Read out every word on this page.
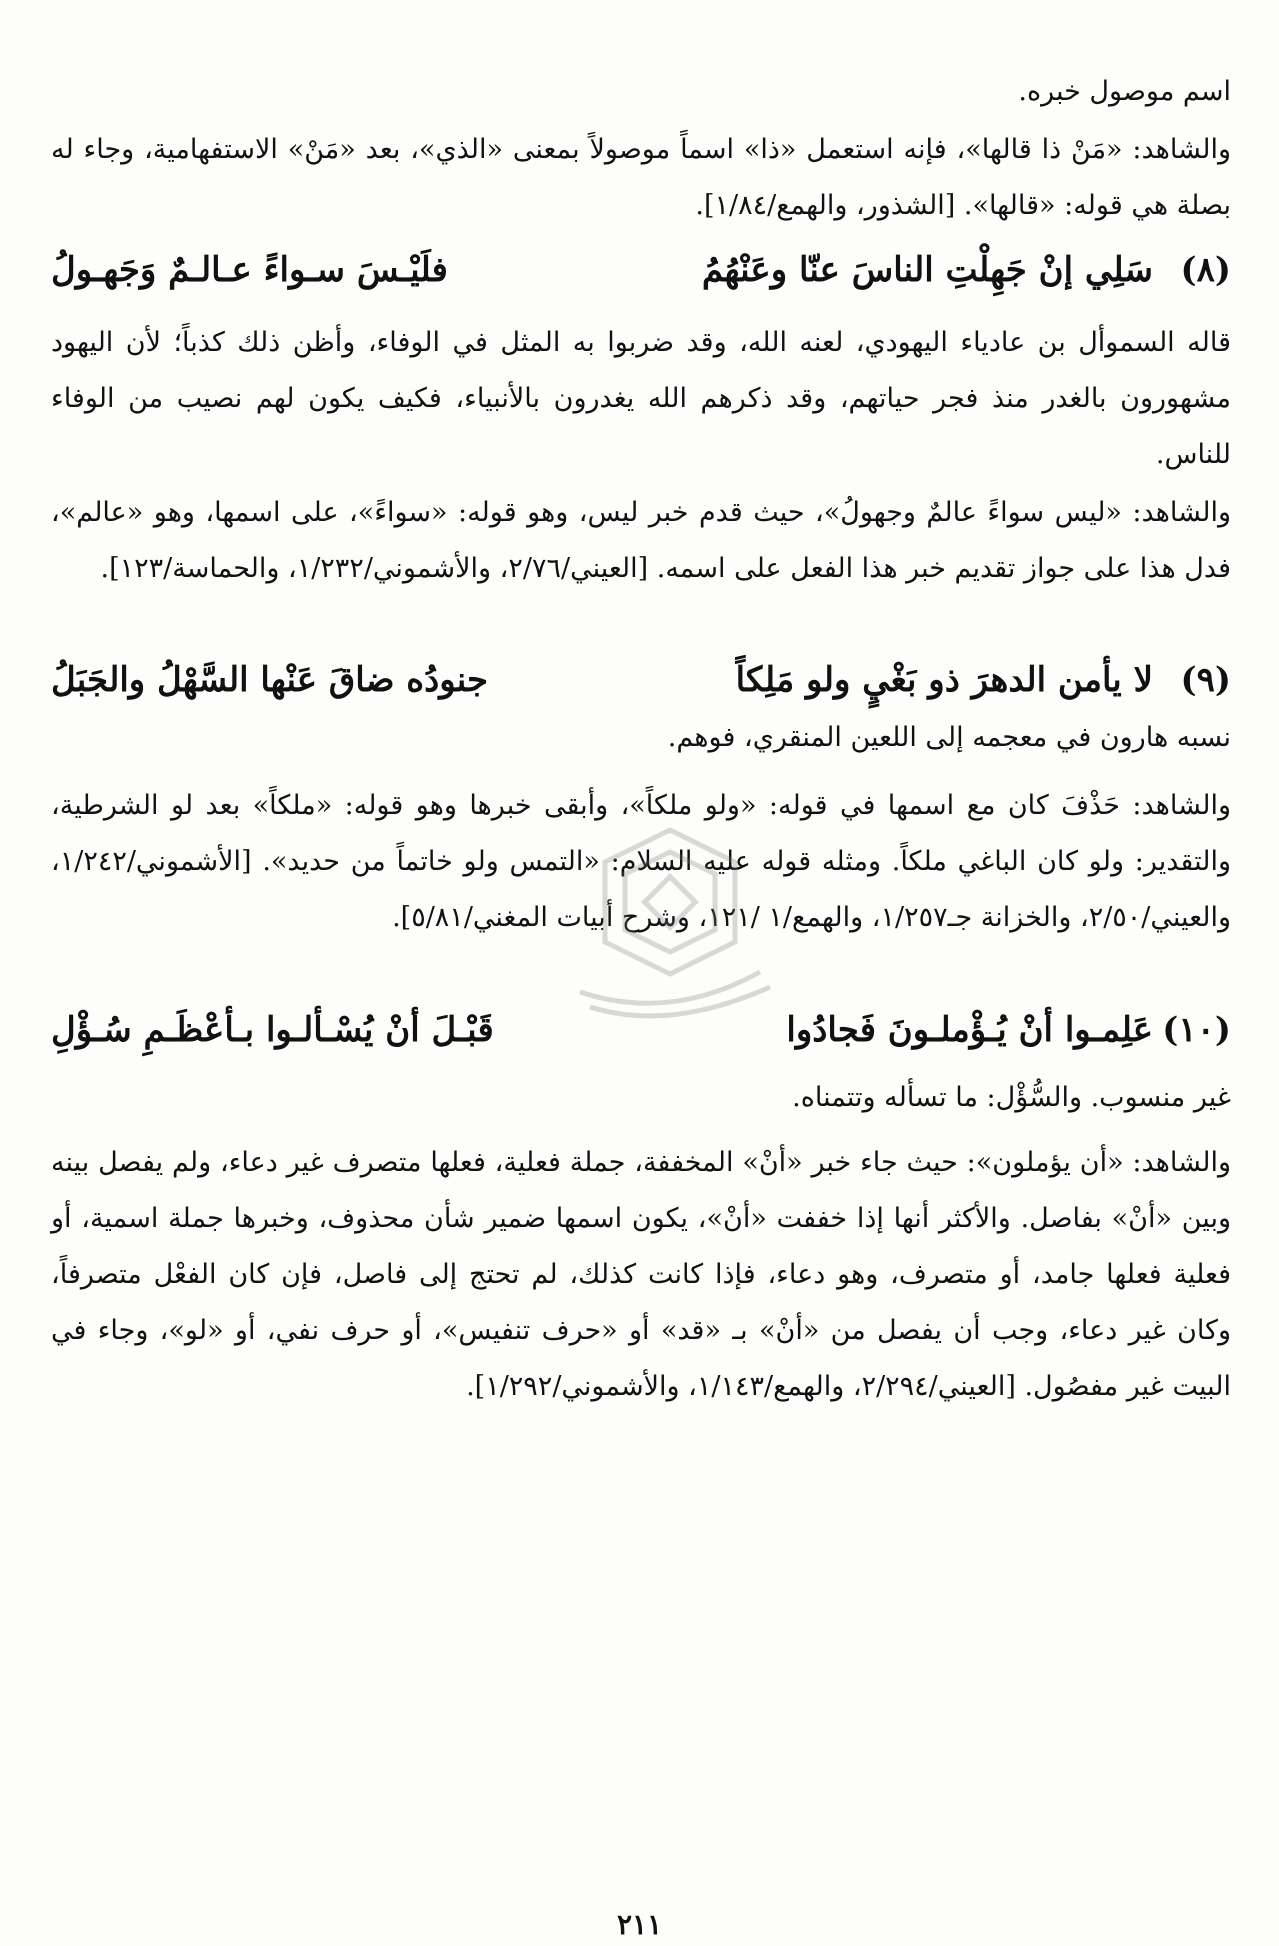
اسم موصول خبره.
والشاهد: «مَنْ ذا قالها»، فإنه استعمل «ذا» اسماً موصولاً بمعنى «الذي»، بعد «مَنْ» الاستفهامية، وجاء له بصلة هي قوله: «قالها». [الشذور، والهمع/١/٨٤].
(٨)
سَلِي إنْ جَهِلْتِ الناسَ عنّا وعَنْهُمُ
فلَيْـسَ سـواءً عـالـمٌ وَجَهـولُ
قاله السموأل بن عادياء اليهودي، لعنه الله، وقد ضربوا به المثل في الوفاء، وأظن ذلك كذباً؛ لأن اليهود مشهورون بالغدر منذ فجر حياتهم، وقد ذكرهم الله يغدرون بالأنبياء، فكيف يكون لهم نصيب من الوفاء للناس.
والشاهد: «ليس سواءً عالمٌ وجهولُ»، حيث قدم خبر ليس، وهو قوله: «سواءً»، على اسمها، وهو «عالم»، فدل هذا على جواز تقديم خبر هذا الفعل على اسمه. [العيني/٢/٧٦، والأشموني/١/٢٣٢، والحماسة/١٢٣].
(٩)
لا يأمن الدهرَ ذو بَغْيٍ ولو مَلِكاً
جنودُه ضاقَ عَنْها السَّهْلُ والجَبَلُ
نسبه هارون في معجمه إلى اللعين المنقري، فوهم.
والشاهد: حَذْفَ كان مع اسمها في قوله: «ولو ملكاً»، وأبقى خبرها وهو قوله: «ملكاً» بعد لو الشرطية، والتقدير: ولو كان الباغي ملكاً. ومثله قوله عليه السلام: «التمس ولو خاتماً من حديد». [الأشموني/١/٢٤٢، والعيني/٢/٥٠، والخزانة جـ١/٢٥٧، والهمع/١ /١٢١، وشرح أبيات المغني/٥/٨١].
(١٠)
عَلِمـوا أنْ يُـؤْملـونَ فَجادُوا
قَبْـلَ أنْ يُسْـألـوا بـأعْظَـمِ سُـؤْلِ
غير منسوب. والسُّؤْل: ما تسأله وتتمناه.
والشاهد: «أن يؤملون»: حيث جاء خبر «أنْ» المخففة، جملة فعلية، فعلها متصرف غير دعاء، ولم يفصل بينه وبين «أنْ» بفاصل. والأكثر أنها إذا خففت «أنْ»، يكون اسمها ضمير شأن محذوف، وخبرها جملة اسمية، أو فعلية فعلها جامد، أو متصرف، وهو دعاء، فإذا كانت كذلك، لم تحتج إلى فاصل، فإن كان الفعْل متصرفاً، وكان غير دعاء، وجب أن يفصل من «أنْ» بـ «قد» أو «حرف تنفيس»، أو حرف نفي، أو «لو»، وجاء في البيت غير مفصُول. [العيني/٢/٢٩٤، والهمع/١/١٤٣، والأشموني/١/٢٩٢].
٢١١
